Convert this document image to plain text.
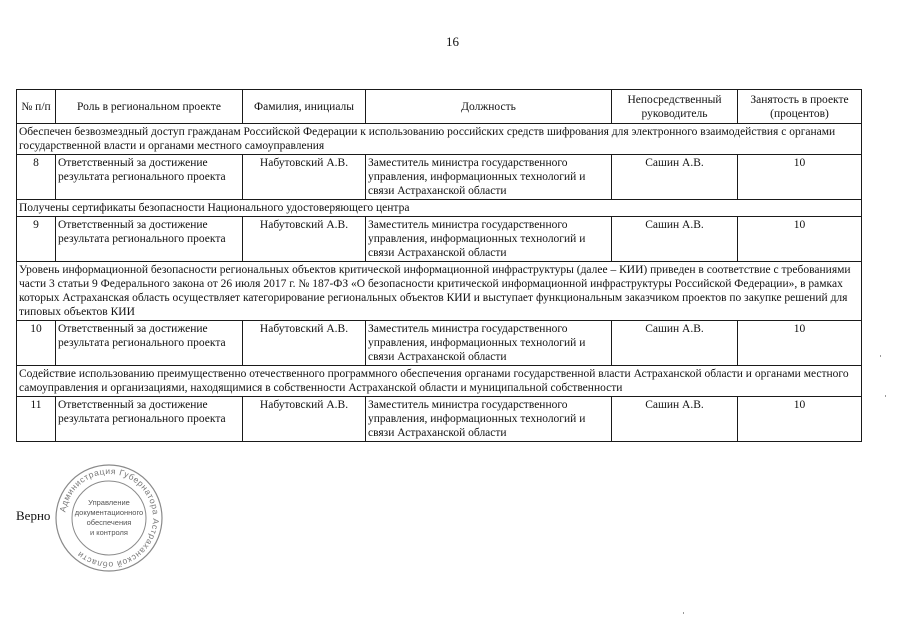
16
№ п/п	Роль в региональном проекте	Фамилия, инициалы	Должность	Непосредственный руководитель	Занятость в проекте (процентов)
Обеспечен безвозмездный доступ гражданам Российской Федерации к использованию российских средств шифрования для электронного взаимодействия с органами государственной власти и органами местного самоуправления					
8	Ответственный за достижение результата регионального проекта	Набутовский А.В.	Заместитель министра государственного управления, информационных технологий и связи Астраханской области	Сашин А.В.	10
Получены сертификаты безопасности Национального удостоверяющего центра					
9	Ответственный за достижение результата регионального проекта	Набутовский А.В.	Заместитель министра государственного управления, информационных технологий и связи Астраханской области	Сашин А.В.	10
Уровень информационной безопасности региональных объектов критической информационной инфраструктуры (далее – КИИ) приведен в соответствие с требованиями части 3 статьи 9 Федерального закона от 26 июля 2017 г. № 187-ФЗ «О безопасности критической информационной инфраструктуры Российской Федерации», в рамках которых Астраханская область осуществляет категорирование региональных объектов КИИ и выступает функциональным заказчиком проектов по закупке решений для типовых объектов КИИ					
10	Ответственный за достижение результата регионального проекта	Набутовский А.В.	Заместитель министра государственного управления, информационных технологий и связи Астраханской области	Сашин А.В.	10
Содействие использованию преимущественно отечественного программного обеспечения органами государственной власти Астраханской области и органами местного самоуправления и организациями, находящимися в собственности Астраханской области и муниципальной собственности					
11	Ответственный за достижение результата регионального проекта	Набутовский А.В.	Заместитель министра государственного управления, информационных технологий и связи Астраханской области	Сашин А.В.	10
Верно Администрация Губернатора Астраханской области
Управление
документационного
обеспечения
и контроля
